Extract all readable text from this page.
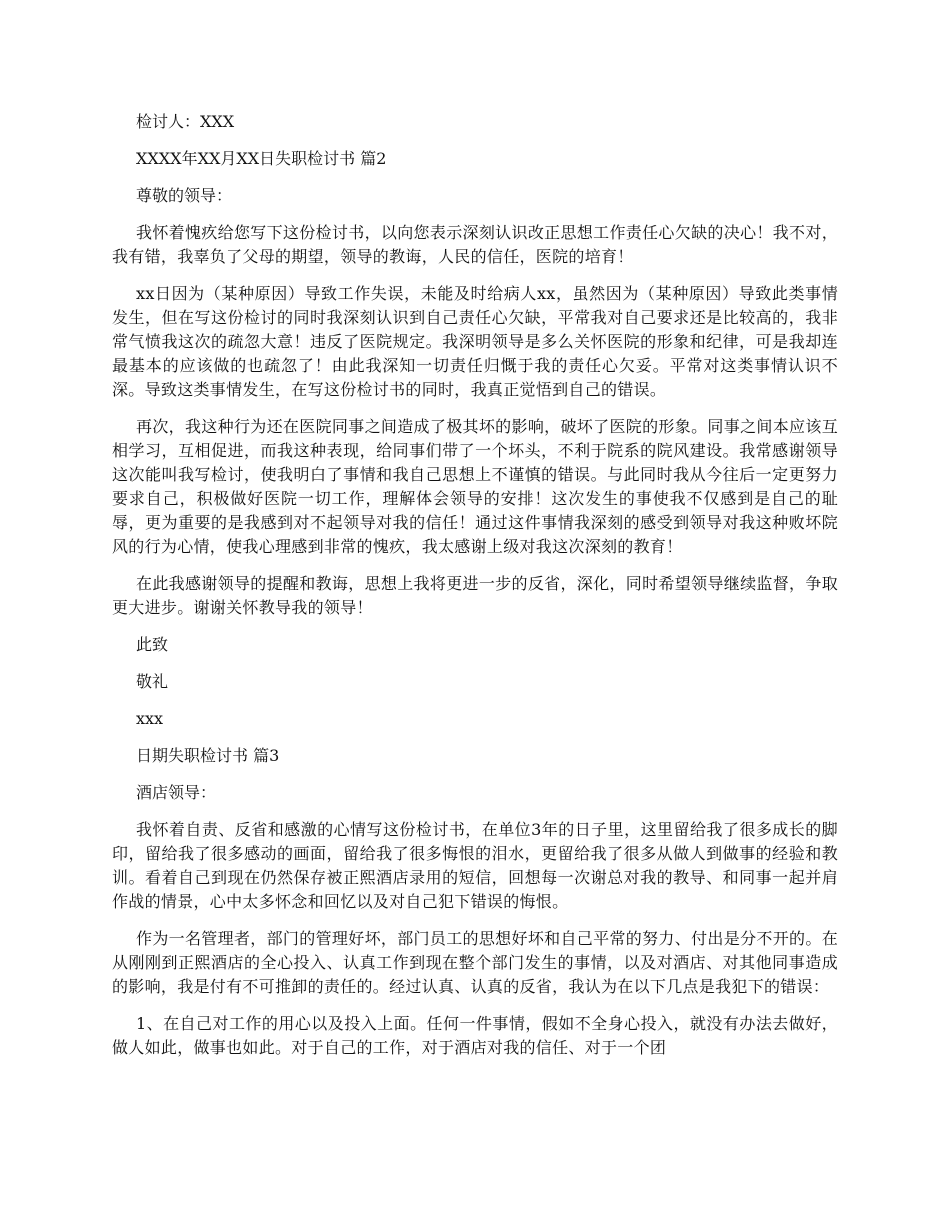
检讨人：XXX
XXXX年XX月XX日失职检讨书 篇2
尊敬的领导：

我怀着愧疚给您写下这份检讨书，以向您表示深刻认识改正思想工作责任心欠缺的决心！我不对，我有错，我辜负了父母的期望，领导的教诲，人民的信任，医院的培育！

xx日因为（某种原因）导致工作失误，未能及时给病人xx，虽然因为（某种原因）导致此类事情发生，但在写这份检讨的同时我深刻认识到自己责任心欠缺，平常我对自己要求还是比较高的，我非常气愤我这次的疏忽大意！违反了医院规定。我深明领导是多么关怀医院的形象和纪律，可是我却连最基本的应该做的也疏忽了！由此我深知一切责任归慨于我的责任心欠妥。平常对这类事情认识不深。导致这类事情发生，在写这份检讨书的同时，我真正觉悟到自己的错误。

再次，我这种行为还在医院同事之间造成了极其坏的影响，破坏了医院的形象。同事之间本应该互相学习，互相促进，而我这种表现，给同事们带了一个坏头，不利于院系的院风建设。我常感谢领导这次能叫我写检讨，使我明白了事情和我自己思想上不谨慎的错误。与此同时我从今往后一定更努力要求自己，积极做好医院一切工作，理解体会领导的安排！这次发生的事使我不仅感到是自己的耻辱，更为重要的是我感到对不起领导对我的信任！通过这件事情我深刻的感受到领导对我这种败坏院风的行为心情，使我心理感到非常的愧疚，我太感谢上级对我这次深刻的教育！

在此我感谢领导的提醒和教诲，思想上我将更进一步的反省，深化，同时希望领导继续监督，争取更大进步。谢谢关怀教导我的领导！

此致
敬礼
xxx
日期失职检讨书 篇3
酒店领导：

我怀着自责、反省和感激的心情写这份检讨书，在单位3年的日子里，这里留给我了很多成长的脚印，留给我了很多感动的画面，留给我了很多悔恨的泪水，更留给我了很多从做人到做事的经验和教训。看着自己到现在仍然保存被正熙酒店录用的短信，回想每一次谢总对我的教导、和同事一起并肩作战的情景，心中太多怀念和回忆以及对自己犯下错误的悔恨。

作为一名管理者，部门的管理好坏，部门员工的思想好坏和自己平常的努力、付出是分不开的。在从刚刚到正熙酒店的全心投入、认真工作到现在整个部门发生的事情，以及对酒店、对其他同事造成的影响，我是付有不可推卸的责任的。经过认真、认真的反省，我认为在以下几点是我犯下的错误：

1、在自己对工作的用心以及投入上面。任何一件事情，假如不全身心投入，就没有办法去做好，做人如此，做事也如此。对于自己的工作，对于酒店对我的信任、对于一个团
